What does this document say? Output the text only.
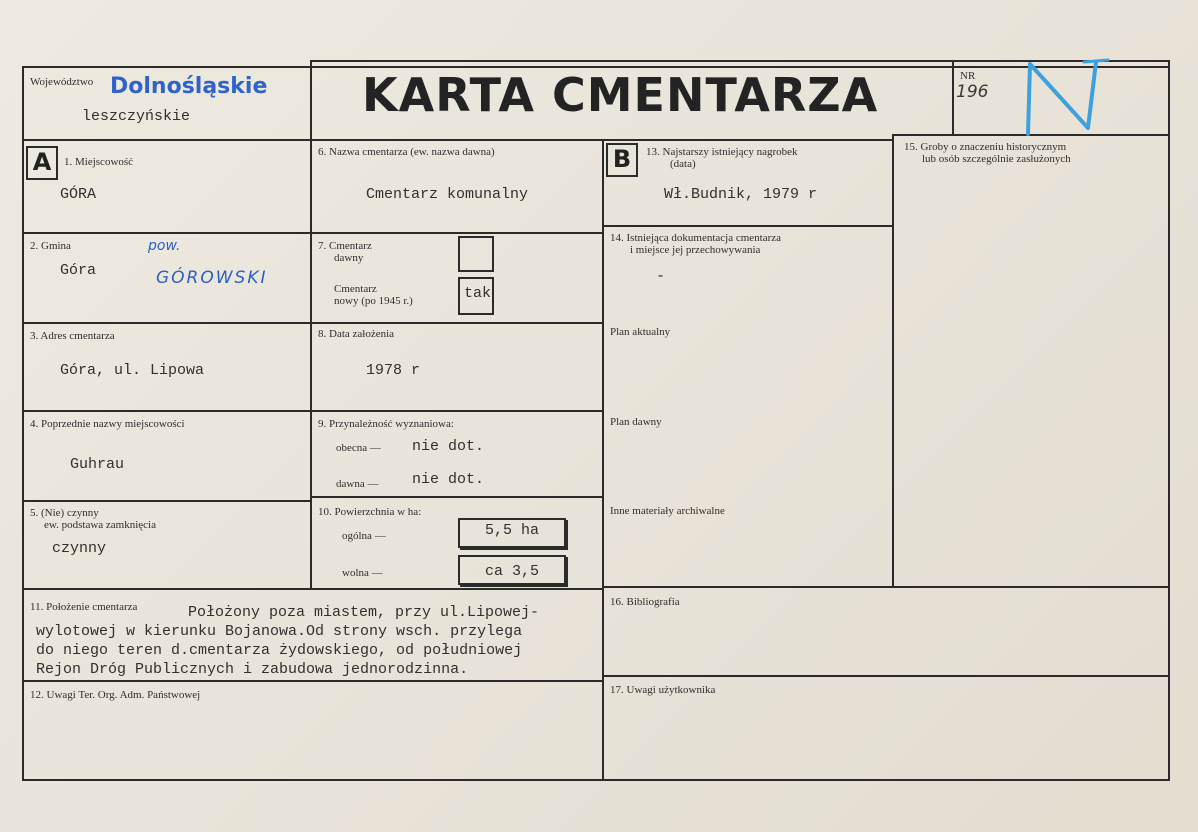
Województwo Dolnośląskie
leszczyńskie	KARTA CMENTARZA	NR
196
A	1. Miejscowość
GÓRA
2. Gmina
Góra
pow.
GÓROWSKI
3. Adres cmentarza
Góra, ul. Lipowa
4. Poprzednie nazwy miejscowości
Guhrau
5. (Nie) czynny
ew. podstawa zamknięcia
czynny
6. Nazwa cmentarza (ew. nazwa dawna)
Cmentarz komunalny
7. Cmentarz
dawny
Cmentarz
nowy (po 1945 r.)	tak
8. Data założenia
1978 r
9. Przynależność wyznaniowa:
obecna — nie dot.
dawna — nie dot.
10. Powierzchnia w ha:
ogólna —	5,5 ha
wolna —	ca 3,5
B	13. Najstarszy istniejący nagrobek
(data)
Wł.Budnik, 1979 r
14. Istniejąca dokumentacja cmentarza
i miejsce jej przechowywania
-
Plan aktualny
Plan dawny
Inne materiały archiwalne
15. Groby o znaczeniu historycznym
lub osób szczególnie zasłużonych
11. Położenie cmentarza	Położony poza miastem, przy ul.Lipowej-
wylotowej w kierunku Bojanowa.Od strony wsch. przylega
do niego teren d.cmentarza żydowskiego, od południowej
Rejon Dróg Publicznych i zabudowa jednorodzinna.
16. Bibliografia
12. Uwagi Ter. Org. Adm. Państwowej	17. Uwagi użytkownika
